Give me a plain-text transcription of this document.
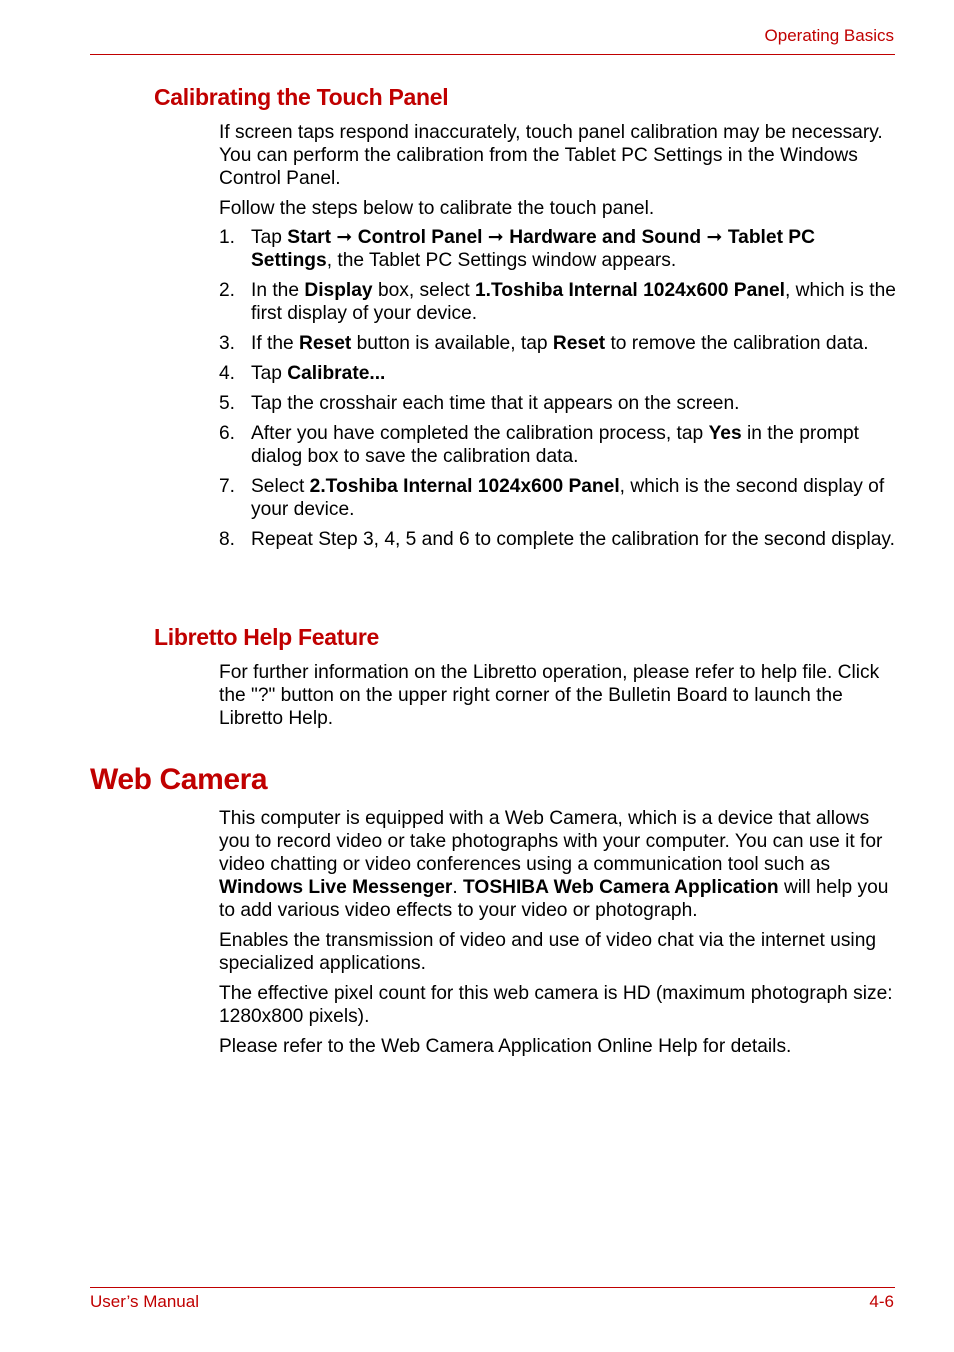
Operating Basics
Calibrating the Touch Panel

If screen taps respond inaccurately, touch panel calibration may be necessary. You can perform the calibration from the Tablet PC Settings in the Windows Control Panel.

Follow the steps below to calibrate the touch panel.

1. Tap Start ➞ Control Panel ➞ Hardware and Sound ➞ Tablet PC Settings, the Tablet PC Settings window appears.
2. In the Display box, select 1.Toshiba Internal 1024x600 Panel, which is the first display of your device.
3. If the Reset button is available, tap Reset to remove the calibration data.
4. Tap Calibrate...
5. Tap the crosshair each time that it appears on the screen.
6. After you have completed the calibration process, tap Yes in the prompt dialog box to save the calibration data.
7. Select 2.Toshiba Internal 1024x600 Panel, which is the second display of your device.
8. Repeat Step 3, 4, 5 and 6 to complete the calibration for the second display.
Libretto Help Feature

For further information on the Libretto operation, please refer to help file. Click the "?" button on the upper right corner of the Bulletin Board to launch the Libretto Help.

Web Camera

This computer is equipped with a Web Camera, which is a device that allows you to record video or take photographs with your computer. You can use it for video chatting or video conferences using a communication tool such as Windows Live Messenger. TOSHIBA Web Camera Application will help you to add various video effects to your video or photograph.

Enables the transmission of video and use of video chat via the internet using specialized applications.

The effective pixel count for this web camera is HD (maximum photograph size: 1280x800 pixels).

Please refer to the Web Camera Application Online Help for details.

User’s Manual	4-6
